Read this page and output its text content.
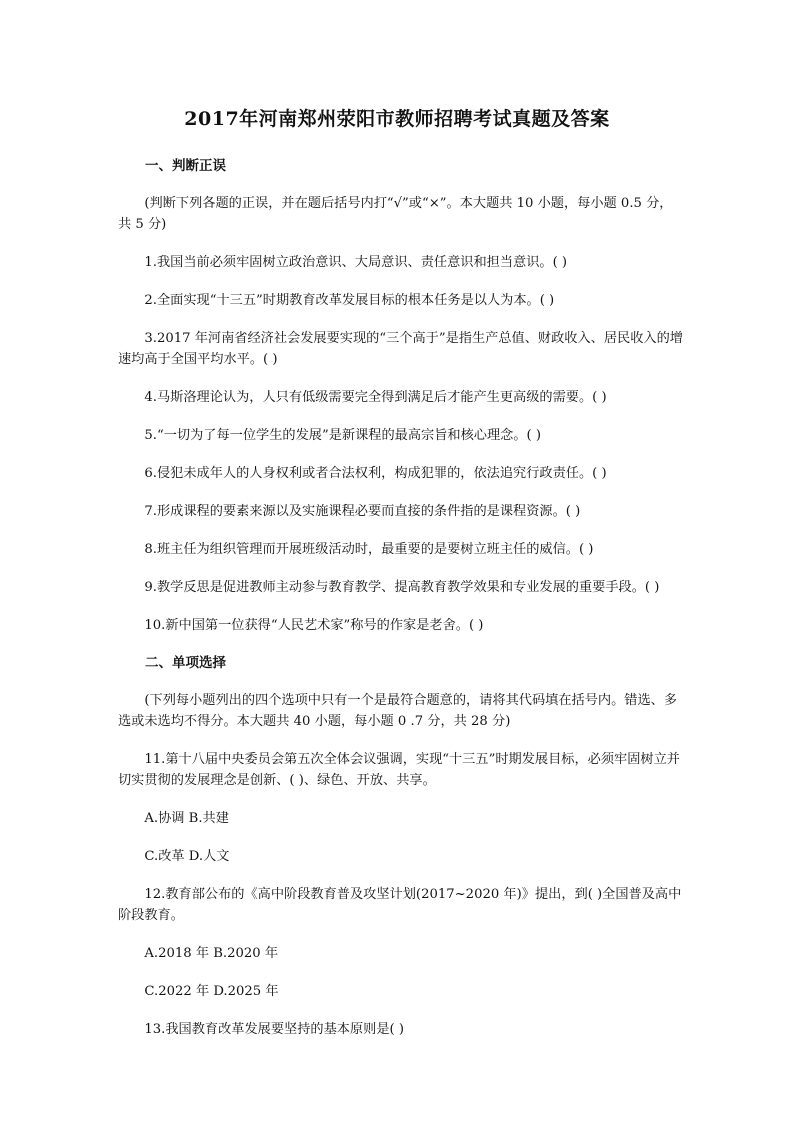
2017年河南郑州荥阳市教师招聘考试真题及答案

一、判断正误

(判断下列各题的正误，并在题后括号内打“√”或“×”。本大题共 10 小题，每小题 0.5 分，共 5 分)

1.我国当前必须牢固树立政治意识、大局意识、责任意识和担当意识。( )

2.全面实现“十三五”时期教育改革发展目标的根本任务是以人为本。( )

3.2017 年河南省经济社会发展要实现的“三个高于”是指生产总值、财政收入、居民收入的增速均高于全国平均水平。( )

4.马斯洛理论认为，人只有低级需要完全得到满足后才能产生更高级的需要。( )

5.“一切为了每一位学生的发展”是新课程的最高宗旨和核心理念。( )

6.侵犯未成年人的人身权利或者合法权利，构成犯罪的，依法追究行政责任。( )

7.形成课程的要素来源以及实施课程必要而直接的条件指的是课程资源。( )

8.班主任为组织管理而开展班级活动时，最重要的是要树立班主任的威信。( )

9.教学反思是促进教师主动参与教育教学、提高教育教学效果和专业发展的重要手段。( )

10.新中国第一位获得“人民艺术家”称号的作家是老舍。( )

二、单项选择

(下列每小题列出的四个选项中只有一个是最符合题意的，请将其代码填在括号内。错选、多选或未选均不得分。本大题共 40 小题，每小题 0 .7 分，共 28 分)

11.第十八届中央委员会第五次全体会议强调，实现“十三五”时期发展目标，必须牢固树立并切实贯彻的发展理念是创新、( )、绿色、开放、共享。

A.协调 B.共建

C.改革 D.人文

12.教育部公布的《高中阶段教育普及攻坚计划(2017~2020 年)》提出，到( )全国普及高中阶段教育。

A.2018 年 B.2020 年

C.2022 年 D.2025 年

13.我国教育改革发展要坚持的基本原则是( )
